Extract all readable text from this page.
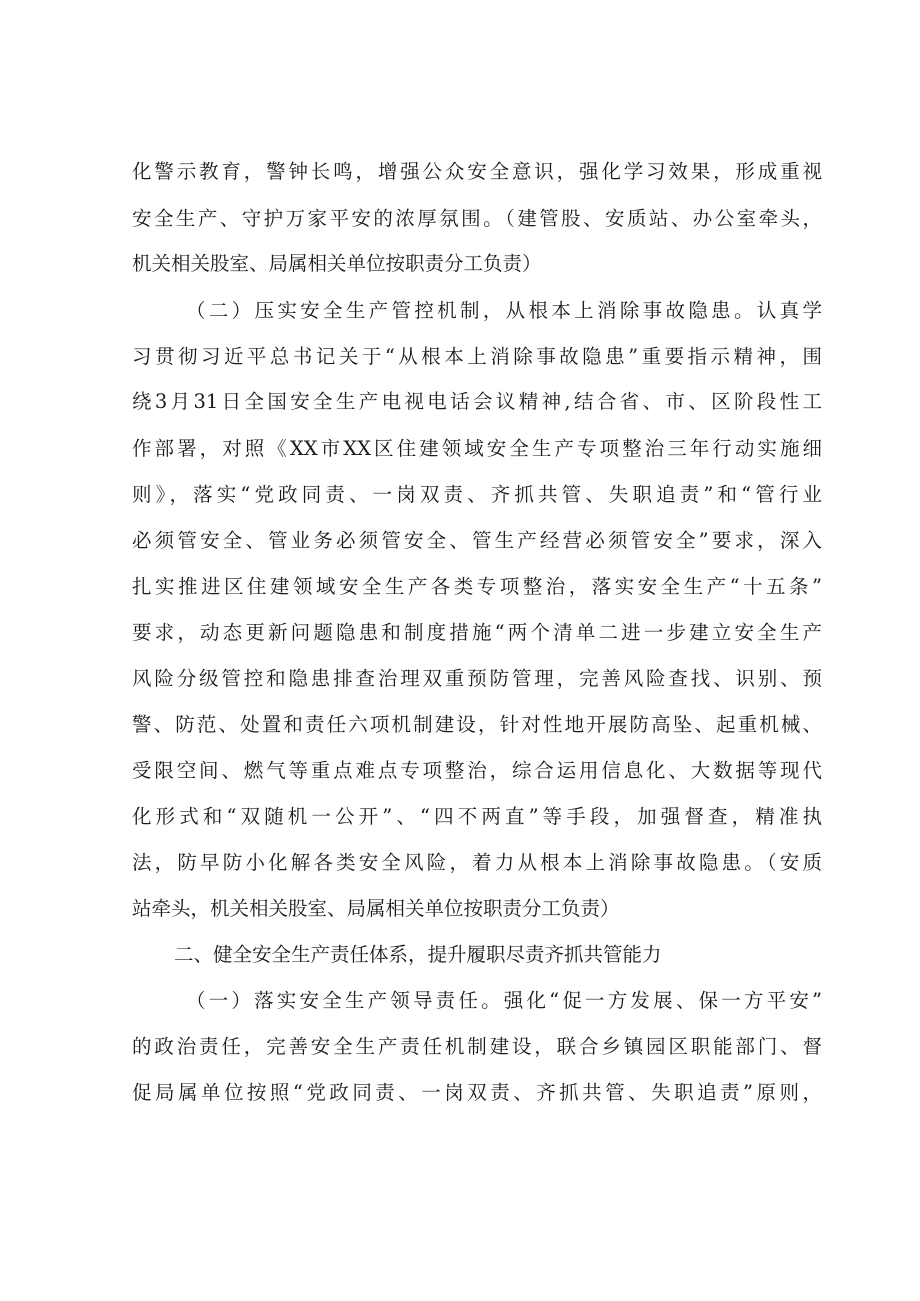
化警示教育，警钟长鸣，增强公众安全意识，强化学习效果，形成重视

安全生产、守护万家平安的浓厚氛围。（建管股、安质站、办公室牵头，

机关相关股室、局属相关单位按职责分工负责）

（二）压实安全生产管控机制，从根本上消除事故隐患。认真学

习贯彻习近平总书记关于“从根本上消除事故隐患”重要指示精神，围

绕3月31日全国安全生产电视电话会议精神,结合省、市、区阶段性工

作部署，对照《XX市XX区住建领域安全生产专项整治三年行动实施细

则》，落实“党政同责、一岗双责、齐抓共管、失职追责”和“管行业

必须管安全、管业务必须管安全、管生产经营必须管安全”要求，深入

扎实推进区住建领域安全生产各类专项整治，落实安全生产“十五条”

要求，动态更新问题隐患和制度措施“两个清单二进一步建立安全生产

风险分级管控和隐患排查治理双重预防管理，完善风险查找、识别、预

警、防范、处置和责任六项机制建设，针对性地开展防高坠、起重机械、

受限空间、燃气等重点难点专项整治，综合运用信息化、大数据等现代

化形式和“双随机一公开”、“四不两直”等手段，加强督查，精准执

法，防早防小化解各类安全风险，着力从根本上消除事故隐患。（安质

站牵头，机关相关股室、局属相关单位按职责分工负责）

二、健全安全生产责任体系，提升履职尽责齐抓共管能力

（一）落实安全生产领导责任。强化“促一方发展、保一方平安”

的政治责任，完善安全生产责任机制建设，联合乡镇园区职能部门、督

促局属单位按照“党政同责、一岗双责、齐抓共管、失职追责”原则，
